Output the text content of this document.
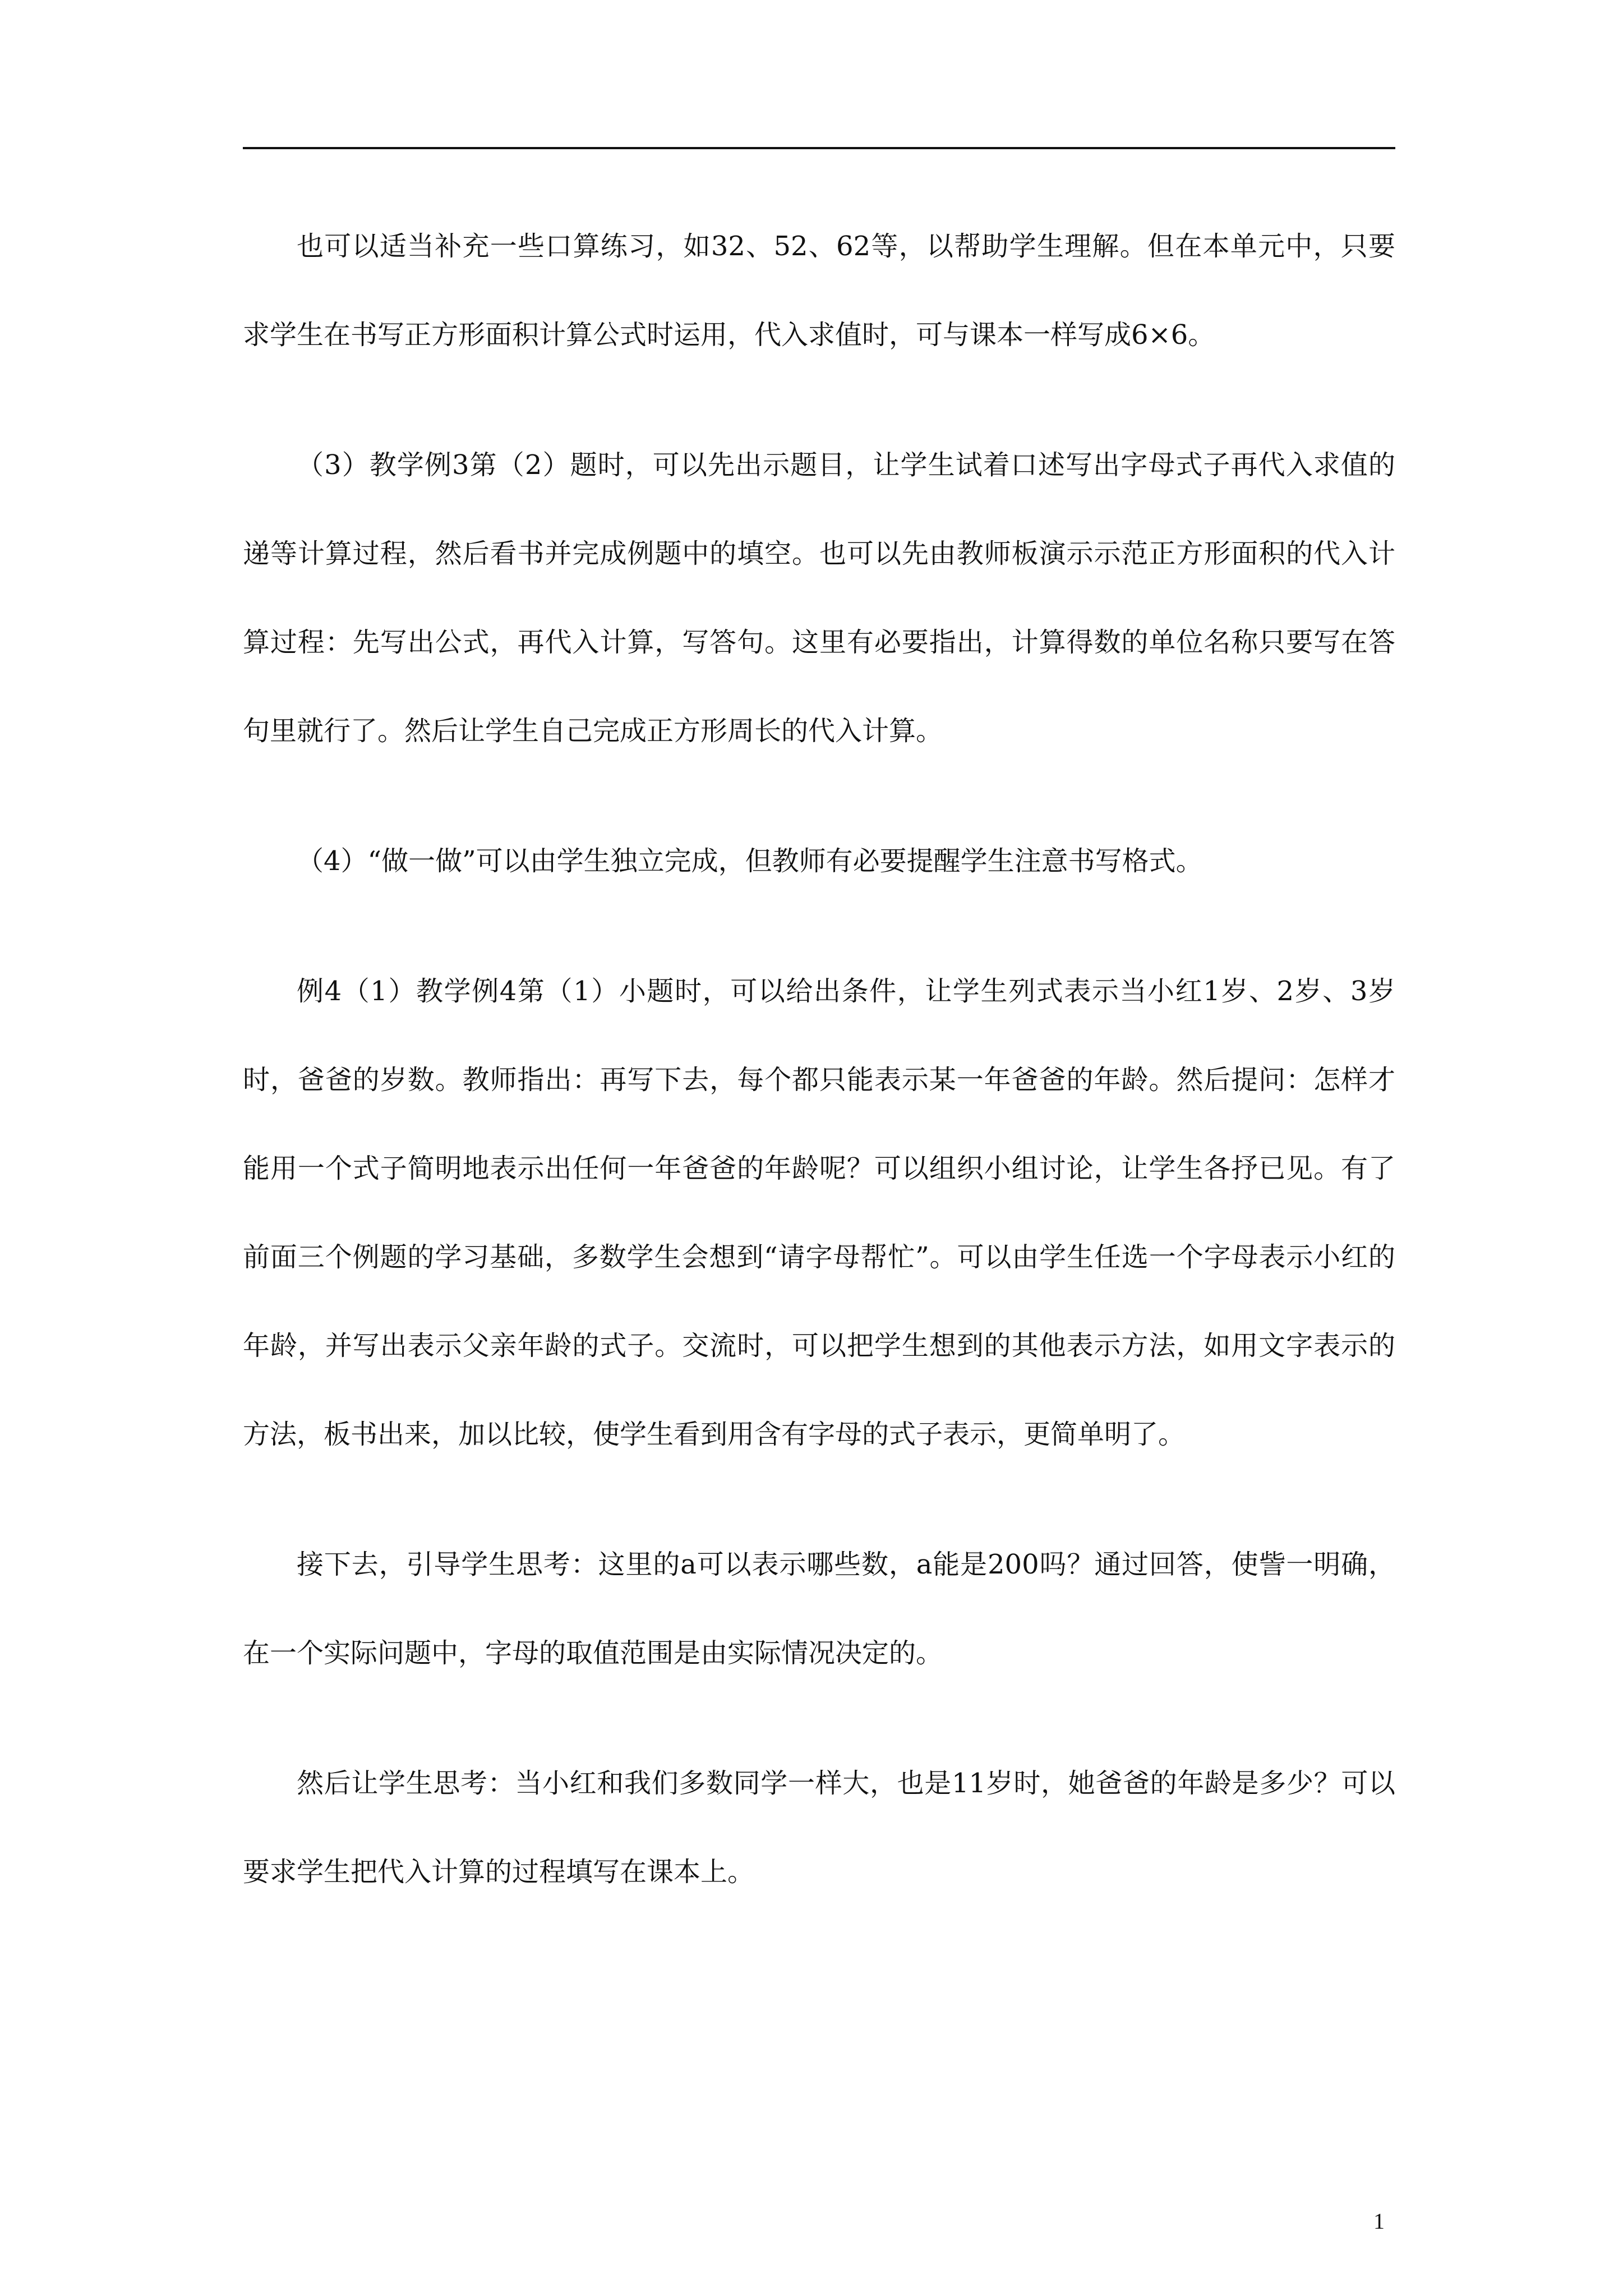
也可以适当补充一些口算练习，如32、52、62等，以帮助学生理解。但在本单元中，只要求学生在书写正方形面积计算公式时运用，代入求值时，可与课本一样写成6×6。

（3）教学例3第（2）题时，可以先出示题目，让学生试着口述写出字母式子再代入求值的递等计算过程，然后看书并完成例题中的填空。也可以先由教师板演示示范正方形面积的代入计算过程：先写出公式，再代入计算，写答句。这里有必要指出，计算得数的单位名称只要写在答句里就行了。然后让学生自己完成正方形周长的代入计算。

（4）“做一做”可以由学生独立完成，但教师有必要提醒学生注意书写格式。

例4（1）教学例4第（1）小题时，可以给出条件，让学生列式表示当小红1岁、2岁、3岁时，爸爸的岁数。教师指出：再写下去，每个都只能表示某一年爸爸的年龄。然后提问：怎样才能用一个式子简明地表示出任何一年爸爸的年龄呢？可以组织小组讨论，让学生各抒已见。有了前面三个例题的学习基础，多数学生会想到“请字母帮忙”。可以由学生任选一个字母表示小红的年龄，并写出表示父亲年龄的式子。交流时，可以把学生想到的其他表示方法，如用文字表示的方法，板书出来，加以比较，使学生看到用含有字母的式子表示，更简单明了。

接下去，引导学生思考：这里的a可以表示哪些数，a能是200吗？通过回答，使訾一明确，在一个实际问题中，字母的取值范围是由实际情况决定的。

然后让学生思考：当小红和我们多数同学一样大，也是11岁时，她爸爸的年龄是多少？可以要求学生把代入计算的过程填写在课本上。

1
